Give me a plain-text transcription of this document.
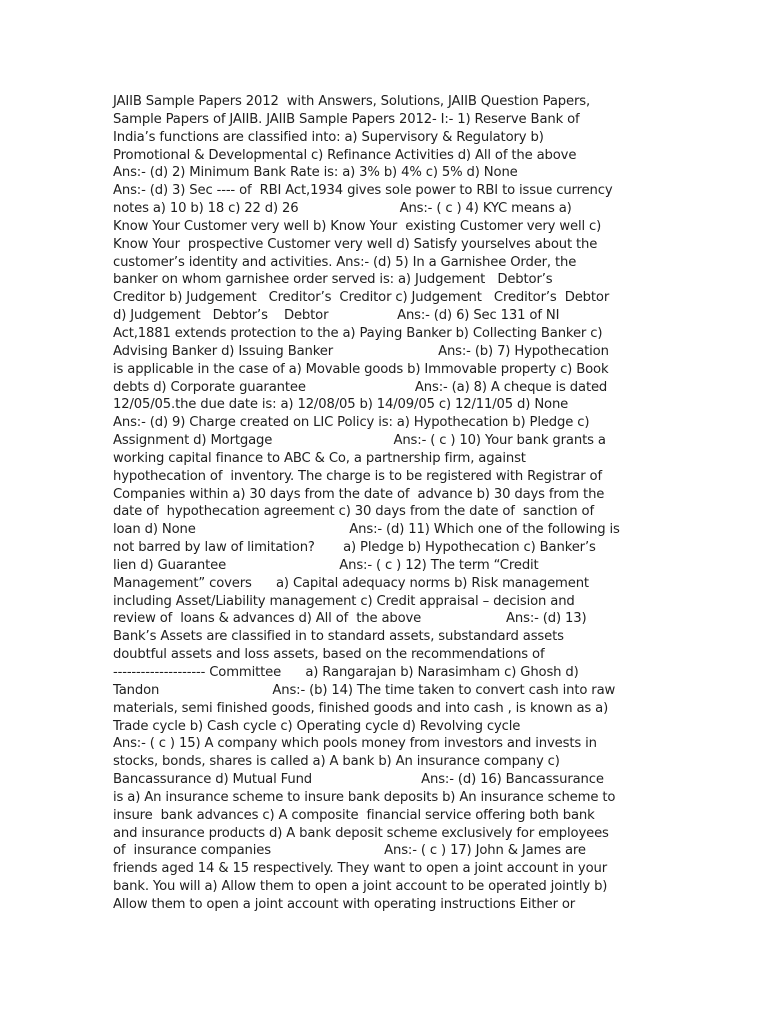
JAIIB Sample Papers 2012  with Answers, Solutions, JAIIB Question Papers,
Sample Papers of JAIIB. JAIIB Sample Papers 2012- I:- 1) Reserve Bank of
India’s functions are classified into: a) Supervisory & Regulatory b)
Promotional & Developmental c) Refinance Activities d) All of the above
Ans:- (d) 2) Minimum Bank Rate is: a) 3% b) 4% c) 5% d) None
Ans:- (d) 3) Sec ---- of  RBI Act,1934 gives sole power to RBI to issue currency
notes a) 10 b) 18 c) 22 d) 26                         Ans:- ( c ) 4) KYC means a)
Know Your Customer very well b) Know Your  existing Customer very well c)
Know Your  prospective Customer very well d) Satisfy yourselves about the
customer’s identity and activities. Ans:- (d) 5) In a Garnishee Order, the
banker on whom garnishee order served is: a) Judgement   Debtor’s
Creditor b) Judgement   Creditor’s  Creditor c) Judgement   Creditor’s  Debtor
d) Judgement   Debtor’s    Debtor                 Ans:- (d) 6) Sec 131 of NI
Act,1881 extends protection to the a) Paying Banker b) Collecting Banker c)
Advising Banker d) Issuing Banker                          Ans:- (b) 7) Hypothecation
is applicable in the case of a) Movable goods b) Immovable property c) Book
debts d) Corporate guarantee                           Ans:- (a) 8) A cheque is dated
12/05/05.the due date is: a) 12/08/05 b) 14/09/05 c) 12/11/05 d) None
Ans:- (d) 9) Charge created on LIC Policy is: a) Hypothecation b) Pledge c)
Assignment d) Mortgage                              Ans:- ( c ) 10) Your bank grants a
working capital finance to ABC & Co, a partnership firm, against
hypothecation of  inventory. The charge is to be registered with Registrar of
Companies within a) 30 days from the date of  advance b) 30 days from the
date of  hypothecation agreement c) 30 days from the date of  sanction of
loan d) None                                      Ans:- (d) 11) Which one of the following is
not barred by law of limitation?       a) Pledge b) Hypothecation c) Banker’s
lien d) Guarantee                            Ans:- ( c ) 12) The term “Credit
Management” covers      a) Capital adequacy norms b) Risk management
including Asset/Liability management c) Credit appraisal – decision and
review of  loans & advances d) All of  the above                     Ans:- (d) 13)
Bank’s Assets are classified in to standard assets, substandard assets
doubtful assets and loss assets, based on the recommendations of
-------------------- Committee      a) Rangarajan b) Narasimham c) Ghosh d)
Tandon                            Ans:- (b) 14) The time taken to convert cash into raw
materials, semi finished goods, finished goods and into cash , is known as a)
Trade cycle b) Cash cycle c) Operating cycle d) Revolving cycle
Ans:- ( c ) 15) A company which pools money from investors and invests in
stocks, bonds, shares is called a) A bank b) An insurance company c)
Bancassurance d) Mutual Fund                           Ans:- (d) 16) Bancassurance
is a) An insurance scheme to insure bank deposits b) An insurance scheme to
insure  bank advances c) A composite  financial service offering both bank
and insurance products d) A bank deposit scheme exclusively for employees
of  insurance companies                            Ans:- ( c ) 17) John & James are
friends aged 14 & 15 respectively. They want to open a joint account in your
bank. You will a) Allow them to open a joint account to be operated jointly b)
Allow them to open a joint account with operating instructions Either or
